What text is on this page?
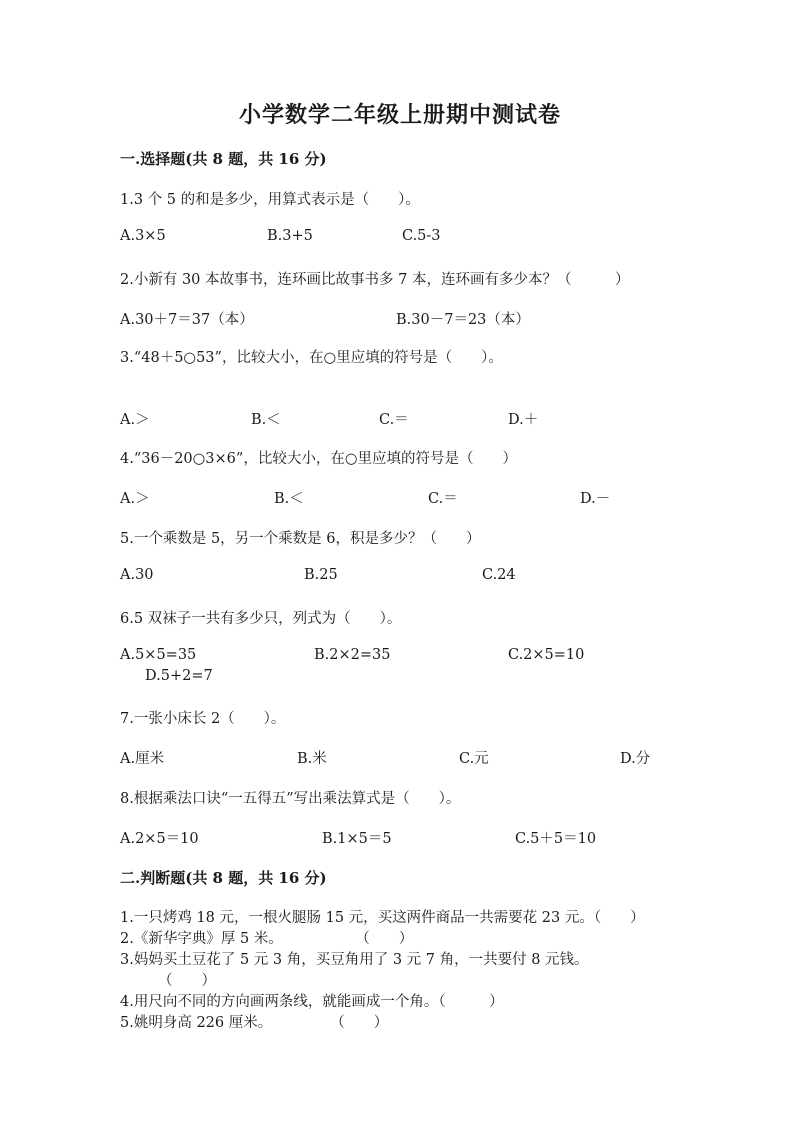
小学数学二年级上册期中测试卷
一.选择题(共 8 题，共 16 分)
1.3 个 5 的和是多少，用算式表示是（　　）。
A.3×5	B.3+5	C.5-3
2.小新有 30 本故事书，连环画比故事书多 7 本，连环画有多少本？（　　　）
A.30＋7＝37（本）	B.30－7＝23（本）
3.“48＋5○53”，比较大小，在○里应填的符号是（　　）。
A.＞	B.＜	C.＝	D.＋
4.“36－20○3×6”，比较大小，在○里应填的符号是（　　）
A.＞	B.＜	C.＝	D.－
5.一个乘数是 5，另一个乘数是 6，积是多少？（　　）
A.30	B.25	C.24
6.5 双袜子一共有多少只，列式为（　　）。
A.5×5=35	B.2×2=35	C.2×5=10
D.5+2=7
7.一张小床长 2（　　）。
A.厘米	B.米	C.元	D.分
8.根据乘法口诀“一五得五”写出乘法算式是（　　）。
A.2×5＝10	B.1×5＝5	C.5＋5＝10
二.判断题(共 8 题，共 16 分)
1.一只烤鸡 18 元，一根火腿肠 15 元，买这两件商品一共需要花 23 元。（　　）
2.《新华字典》厚 5 米。　　　　　　（　　）
3.妈妈买土豆花了 5 元 3 角，买豆角用了 3 元 7 角，一共要付 8 元钱。
（　　）
4.用尺向不同的方向画两条线，就能画成一个角。（　　　）
5.姚明身高 226 厘米。　　　　　（　　）
